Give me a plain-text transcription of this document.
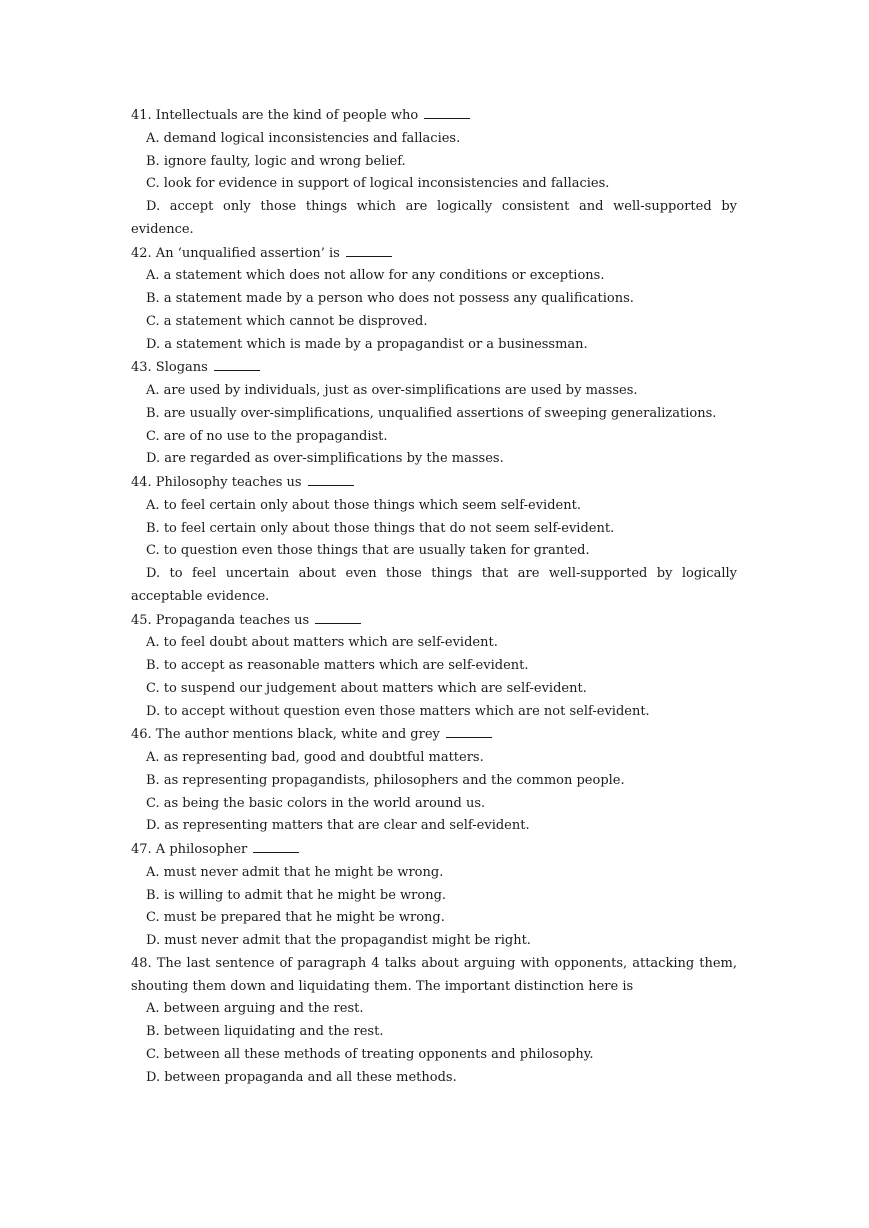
41. Intellectuals are the kind of people who

A. demand logical inconsistencies and fallacies.

B. ignore faulty, logic and wrong belief.

C. look for evidence in support of logical inconsistencies and fallacies.

D. accept only those things which are logically consistent and well-supported by evidence.

42. An ‘unqualified assertion’ is

A. a statement which does not allow for any conditions or exceptions.

B. a statement made by a person who does not possess any qualifications.

C. a statement which cannot be disproved.

D. a statement which is made by a propagandist or a businessman.

43. Slogans

A. are used by individuals, just as over-simplifications are used by masses.

B. are usually over-simplifications, unqualified assertions of sweeping generalizations.

C. are of no use to the propagandist.

D. are regarded as over-simplifications by the masses.

44. Philosophy teaches us

A. to feel certain only about those things which seem self-evident.

B. to feel certain only about those things that do not seem self-evident.

C. to question even those things that are usually taken for granted.

D. to feel uncertain about even those things that are well-supported by logically acceptable evidence.

45. Propaganda teaches us

A. to feel doubt about matters which are self-evident.

B. to accept as reasonable matters which are self-evident.

C. to suspend our judgement about matters which are self-evident.

D. to accept without question even those matters which are not self-evident.

46. The author mentions black, white and grey

A. as representing bad, good and doubtful matters.

B. as representing propagandists, philosophers and the common people.

C. as being the basic colors in the world around us.

D. as representing matters that are clear and self-evident.

47. A philosopher

A. must never admit that he might be wrong.

B. is willing to admit that he might be wrong.

C. must be prepared that he might be wrong.

D. must never admit that the propagandist might be right.

48. The last sentence of paragraph 4 talks about arguing with opponents, attacking them, shouting them down and liquidating them. The important distinction here is

A. between arguing and the rest.

B. between liquidating and the rest.

C. between all these methods of treating opponents and philosophy.

D. between propaganda and all these methods.
